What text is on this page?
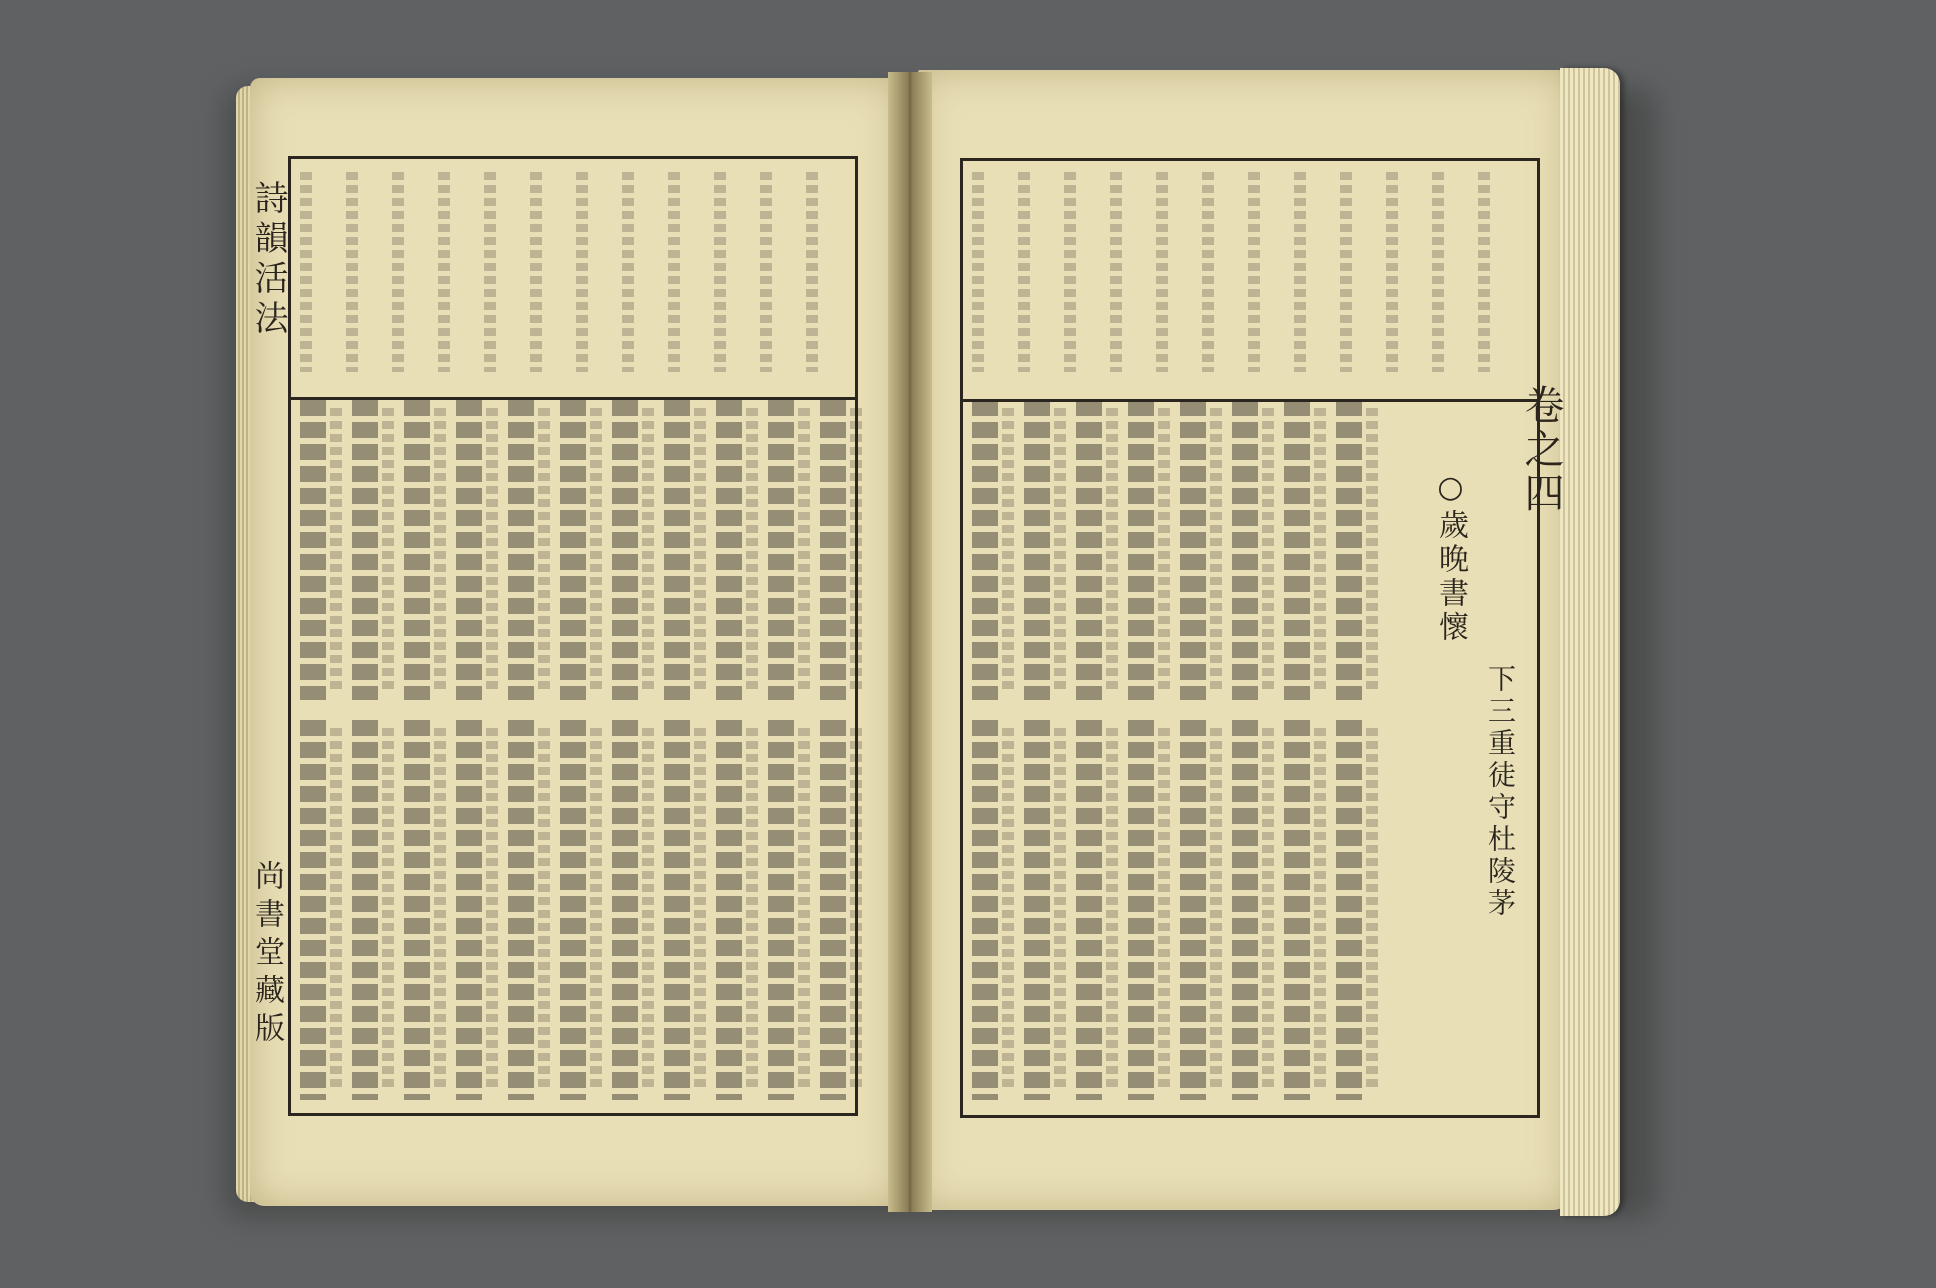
詩韻活法
尚書堂藏版
卷之四
○歲晚書懷
下三重徒守杜陵茅
